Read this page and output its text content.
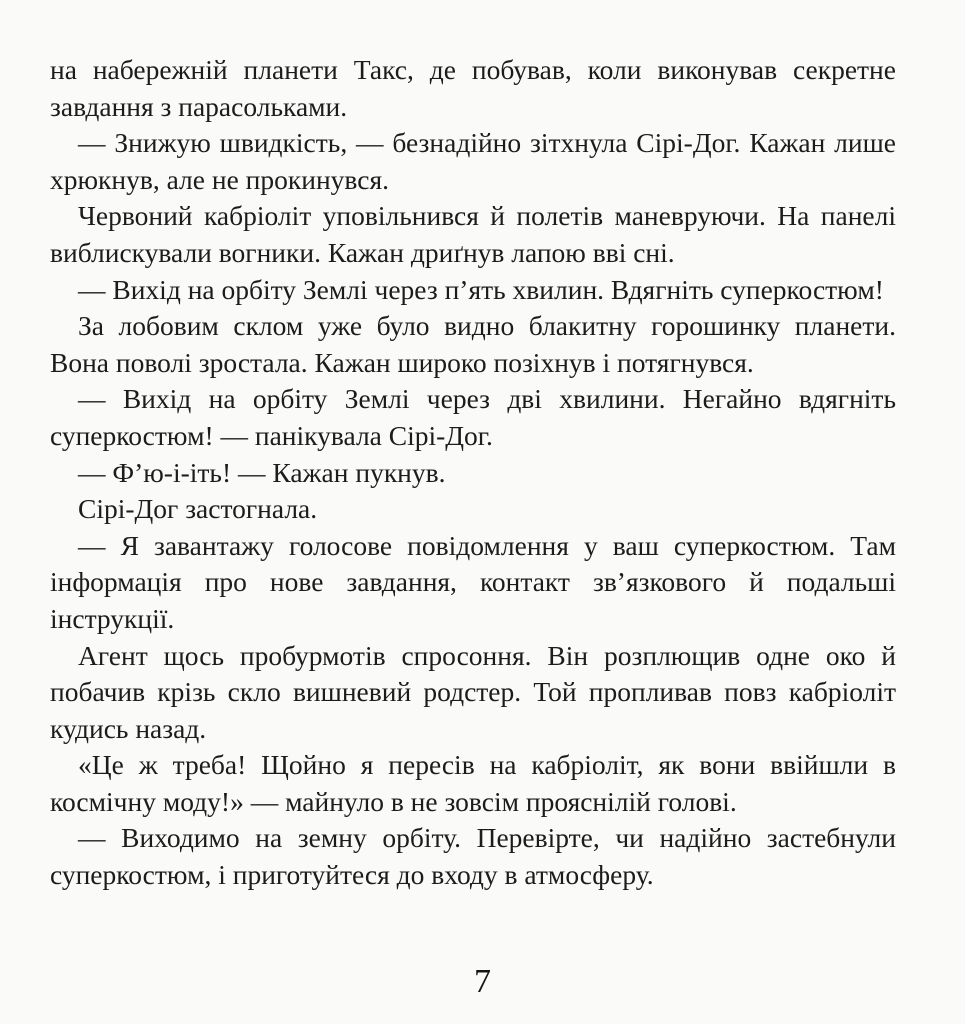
на набережній планети Такс, де побував, коли виконував секретне завдання з парасольками.

— Знижую швидкість, — безнадійно зітхнула Сірі-Дог. Кажан лише хрюкнув, але не прокинувся.

Червоний кабріоліт уповільнився й полетів маневруючи. На панелі виблискували вогники. Кажан дриґнув лапою вві сні.

— Вихід на орбіту Землі через п’ять хвилин. Вдягніть суперкостюм!

За лобовим склом уже було видно блакитну горошинку планети. Вона поволі зростала. Кажан широко позіхнув і потягнувся.

— Вихід на орбіту Землі через дві хвилини. Негайно вдягніть суперкостюм! — панікувала Сірі-Дог.

— Ф’ю-і-іть! — Кажан пукнув.

Сірі-Дог застогнала.

— Я завантажу голосове повідомлення у ваш суперкостюм. Там інформація про нове завдання, контакт зв’язкового й подальші інструкції.

Агент щось пробурмотів спросоння. Він розплющив одне око й побачив крізь скло вишневий родстер. Той пропливав повз кабріоліт кудись назад.

«Це ж треба! Щойно я пересів на кабріоліт, як вони ввійшли в космічну моду!» — майнуло в не зовсім прояснілій голові.

— Виходимо на земну орбіту. Перевірте, чи надійно застебнули суперкостюм, і приготуйтеся до входу в атмосферу.

7
